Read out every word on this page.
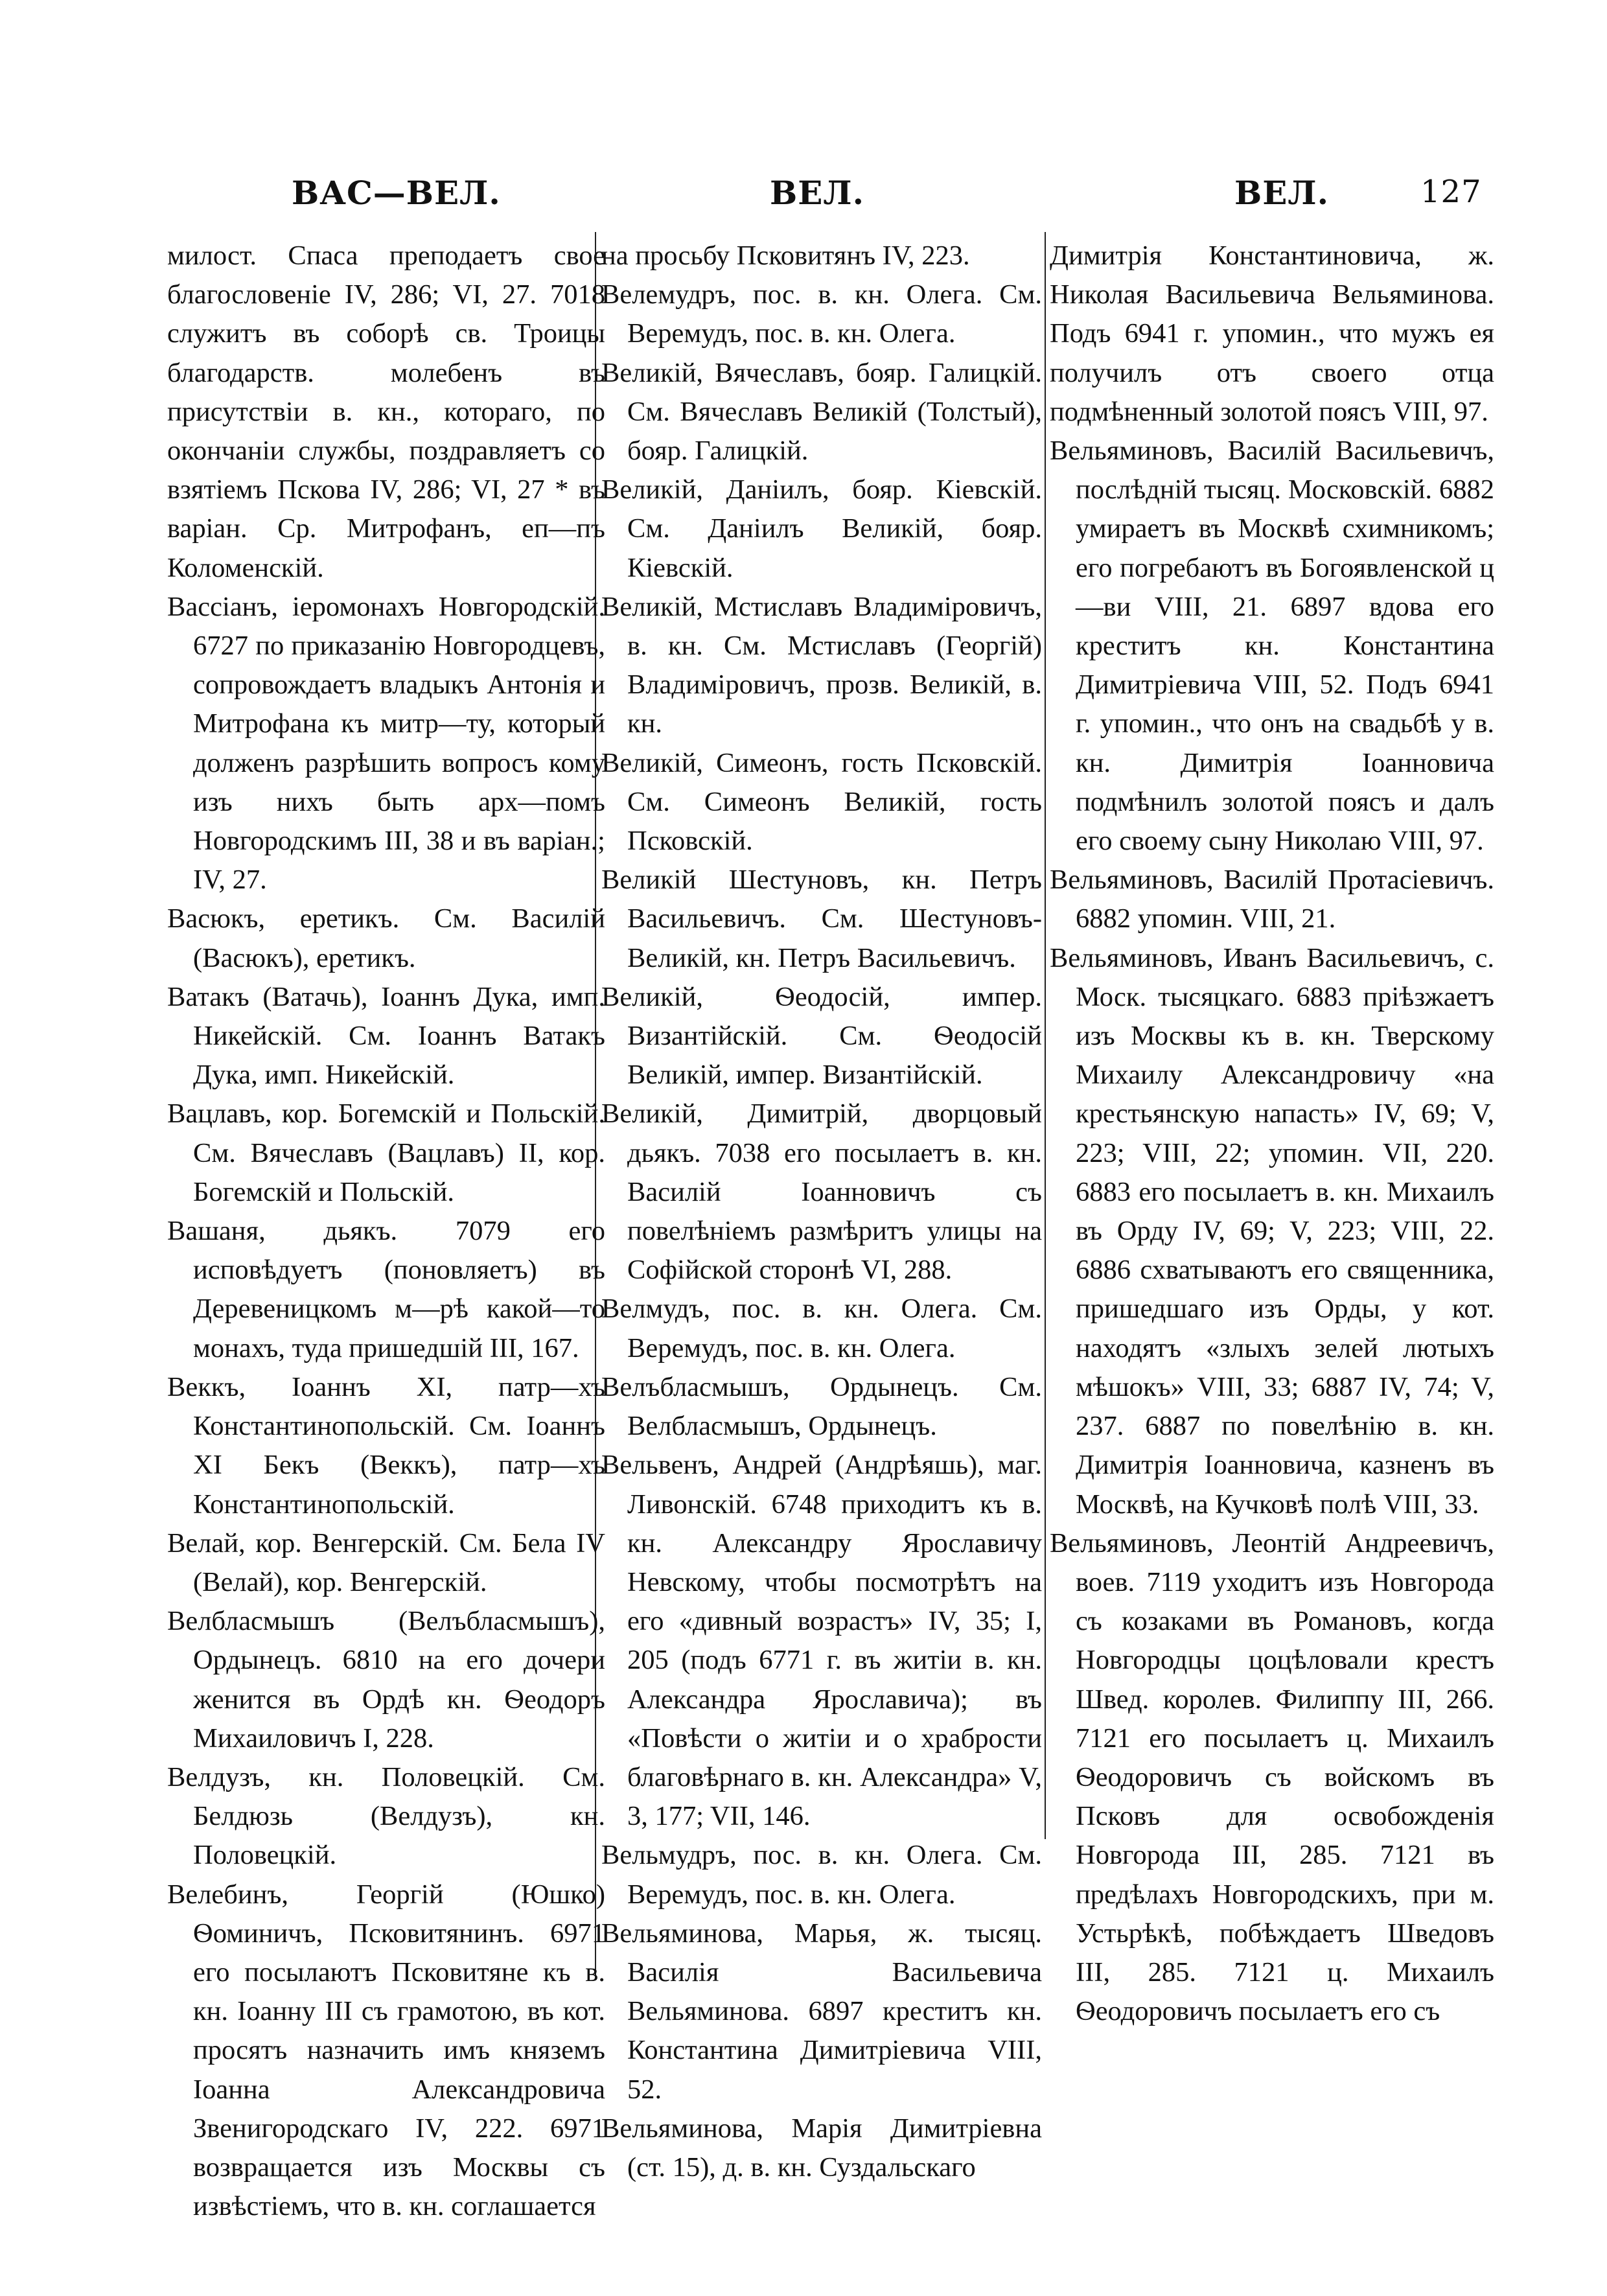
ВАС—ВЕЛ.	ВЕЛ.	ВЕЛ.	127

милост. Спаса преподаетъ свое благословеніе IV, 286; VI, 27. 7018 служитъ въ соборѣ св. Троицы благодарств. молебенъ въ присутствіи в. кн., котораго, по окончаніи службы, поздравляетъ со взятіемъ Пскова IV, 286; VI, 27 * въ варіан. Ср. Митрофанъ, еп—пъ Коломенскій.

Вассіанъ, іеромонахъ Новгородскій. 6727 по приказанію Новгородцевъ, сопровождаетъ владыкъ Антонія и Митрофана къ митр—ту, который долженъ разрѣшить вопросъ кому изъ нихъ быть арх—помъ Новгородскимъ III, 38 и въ варіан.; IV, 27.

Васюкъ, еретикъ. См. Василій (Васюкъ), еретикъ.

Ватакъ (Ватачь), Іоаннъ Дука, имп. Никейскій. См. Іоаннъ Ватакъ Дука, имп. Никейскій.

Вацлавъ, кор. Богемскій и Польскій. См. Вячеславъ (Вацлавъ) II, кор. Богемскій и Польскій.

Вашаня, дьякъ. 7079 его исповѣдуетъ (поновляетъ) въ Деревеницкомъ м—рѣ какой—то монахъ, туда пришедшій III, 167.

Веккъ, Іоаннъ XI, патр—хъ Константинопольскій. См. Іоаннъ XI Бекъ (Веккъ), патр—хъ Константинопольскій.

Велай, кор. Венгерскій. См. Бела IV (Велай), кор. Венгерскій.

Велбласмышъ (Велъбласмышъ), Ордынецъ. 6810 на его дочери женится въ Ордѣ кн. Ѳеодоръ Михаиловичъ I, 228.

Велдузъ, кн. Половецкій. См. Белдюзь (Велдузъ), кн. Половецкій.

Велебинъ, Георгій (Юшко) Ѳоминичъ, Псковитянинъ. 6971 его посылаютъ Псковитяне къ в. кн. Іоанну III съ грамотою, въ кот. просятъ назначить имъ княземъ Іоанна Александровича Звенигородскаго IV, 222. 6971 возвращается изъ Москвы съ извѣстіемъ, что в. кн. соглашается

на просьбу Псковитянъ IV, 223.

Велемудръ, пос. в. кн. Олега. См. Веремудъ, пос. в. кн. Олега.

Великій, Вячеславъ, бояр. Галицкій. См. Вячеславъ Великій (Толстый), бояр. Галицкій.

Великій, Даніилъ, бояр. Кіевскій. См. Даніилъ Великій, бояр. Кіевскій.

Великій, Мстиславъ Владиміровичъ, в. кн. См. Мстиславъ (Георгій) Владиміровичъ, прозв. Великій, в. кн.

Великій, Симеонъ, гость Псковскій. См. Симеонъ Великій, гость Псковскій.

Великій Шестуновъ, кн. Петръ Васильевичъ. См. Шестуновъ-Великій, кн. Петръ Васильевичъ.

Великій, Ѳеодосій, импер. Византійскій. См. Ѳеодосій Великій, импер. Византійскій.

Великій, Димитрій, дворцовый дьякъ. 7038 его посылаетъ в. кн. Василій Іоанновичъ съ повелѣніемъ размѣритъ улицы на Софійской сторонѣ VI, 288.

Велмудъ, пос. в. кн. Олега. См. Веремудъ, пос. в. кн. Олега.

Велъбласмышъ, Ордынецъ. См. Велбласмышъ, Ордынецъ.

Вельвенъ, Андрей (Андрѣяшь), маг. Ливонскій. 6748 приходитъ къ в. кн. Александру Ярославичу Невскому, чтобы посмотрѣтъ на его «дивный возрастъ» IV, 35; I, 205 (подъ 6771 г. въ житіи в. кн. Александра Ярославича); въ «Повѣсти о житіи и о храбрости благовѣрнаго в. кн. Александра» V, 3, 177; VII, 146.

Вельмудръ, пос. в. кн. Олега. См. Веремудъ, пос. в. кн. Олега.

Вельяминова, Марья, ж. тысяц. Василія Васильевича Вельяминова. 6897 креститъ кн. Константина Димитріевича VIII, 52.

Вельяминова, Марія Димитріевна (ст. 15), д. в. кн. Суздальскаго

Димитрія Константиновича, ж. Николая Васильевича Вельяминова. Подъ 6941 г. упомин., что мужъ ея получилъ отъ своего отца подмѣненный золотой поясъ VIII, 97.

Вельяминовъ, Василій Васильевичъ, послѣдній тысяц. Московскій. 6882 умираетъ въ Москвѣ схимникомъ; его погребаютъ въ Богоявленской ц—ви VIII, 21. 6897 вдова его креститъ кн. Константина Димитріевича VIII, 52. Подъ 6941 г. упомин., что онъ на свадьбѣ у в. кн. Димитрія Іоанновича подмѣнилъ золотой поясъ и далъ его своему сыну Николаю VIII, 97.

Вельяминовъ, Василій Протасіевичъ. 6882 упомин. VIII, 21.

Вельяминовъ, Иванъ Васильевичъ, с. Моск. тысяцкаго. 6883 пріѣзжаетъ изъ Москвы къ в. кн. Тверскому Михаилу Александровичу «на крестьянскую напасть» IV, 69; V, 223; VIII, 22; упомин. VII, 220. 6883 его посылаетъ в. кн. Михаилъ въ Орду IV, 69; V, 223; VIII, 22. 6886 схватываютъ его священника, пришедшаго изъ Орды, у кот. находятъ «злыхъ зелей лютыхъ мѣшокъ» VIII, 33; 6887 IV, 74; V, 237. 6887 по повелѣнію в. кн. Димитрія Іоанновича, казненъ въ Москвѣ, на Кучковѣ полѣ VIII, 33.

Вельяминовъ, Леонтій Андреевичъ, воев. 7119 уходитъ изъ Новгорода съ козаками въ Романовъ, когда Новгородцы цоцѣловали крестъ Швед. королев. Филиппу III, 266. 7121 его посылаетъ ц. Михаилъ Ѳеодоровичъ съ войскомъ въ Псковъ для освобожденія Новгорода III, 285. 7121 въ предѣлахъ Новгородскихъ, при м. Устьрѣкѣ, побѣждаетъ Шведовъ III, 285. 7121 ц. Михаилъ Ѳеодоровичъ посылаетъ его съ
